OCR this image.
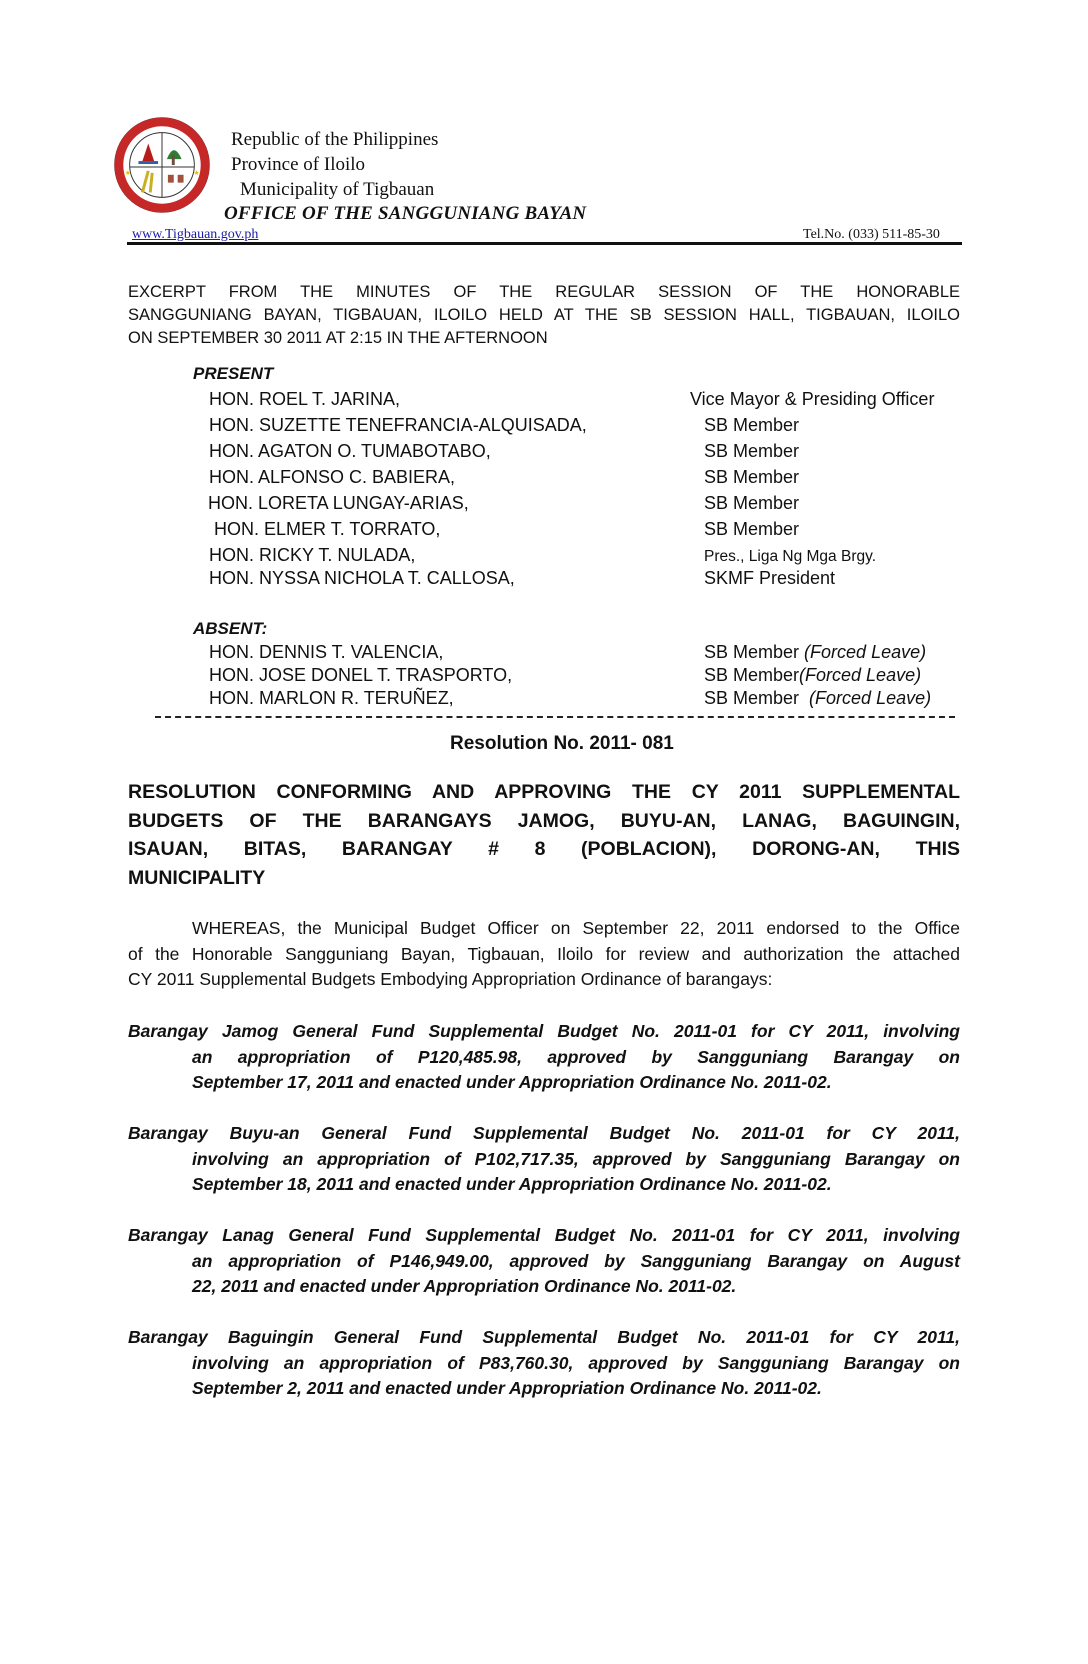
★	★
Republic of the Philippines
Province of Iloilo
Municipality of Tigbauan
OFFICE OF THE SANGGUNIANG BAYAN
www.Tigbauan.gov.ph	Tel.No. (033) 511-85-30
EXCERPT FROM THE MINUTES OF THE REGULAR SESSION OF THE HONORABLE
SANGGUNIANG BAYAN, TIGBAUAN, ILOILO HELD AT THE SB SESSION HALL, TIGBAUAN, ILOILO
ON SEPTEMBER 30 2011 AT 2:15 IN THE AFTERNOON
PRESENT
HON. ROEL T. JARINA,	Vice Mayor & Presiding Officer
HON. SUZETTE TENEFRANCIA-ALQUISADA,	SB Member
HON. AGATON O. TUMABOTABO,	SB Member
HON. ALFONSO C. BABIERA,	SB Member
HON. LORETA LUNGAY-ARIAS,	SB Member
HON. ELMER T. TORRATO,	SB Member
HON. RICKY T. NULADA,	Pres., Liga Ng Mga Brgy.
HON. NYSSA NICHOLA T. CALLOSA,	SKMF President
ABSENT:
HON. DENNIS T. VALENCIA,	SB Member (Forced Leave)
HON. JOSE DONEL T. TRASPORTO,	SB Member(Forced Leave)
HON. MARLON R. TERUÑEZ,	SB Member (Forced Leave)
Resolution No. 2011- 081
RESOLUTION CONFORMING AND APPROVING THE CY 2011 SUPPLEMENTAL
BUDGETS OF THE BARANGAYS JAMOG, BUYU-AN, LANAG, BAGUINGIN,
ISAUAN, BITAS, BARANGAY # 8 (POBLACION), DORONG-AN, THIS
MUNICIPALITY
WHEREAS, the Municipal Budget Officer on September 22, 2011 endorsed to the Office
of the Honorable Sangguniang Bayan, Tigbauan, Iloilo for review and authorization the attached
CY 2011 Supplemental Budgets Embodying Appropriation Ordinance of barangays:
Barangay Jamog General Fund Supplemental Budget No. 2011-01 for CY 2011, involving
an appropriation of P120,485.98, approved by Sangguniang Barangay on
September 17, 2011 and enacted under Appropriation Ordinance No. 2011-02.
Barangay Buyu-an General Fund Supplemental Budget No. 2011-01 for CY 2011,
involving an appropriation of P102,717.35, approved by Sangguniang Barangay on
September 18, 2011 and enacted under Appropriation Ordinance No. 2011-02.
Barangay Lanag General Fund Supplemental Budget No. 2011-01 for CY 2011, involving
an appropriation of P146,949.00, approved by Sangguniang Barangay on August
22, 2011 and enacted under Appropriation Ordinance No. 2011-02.
Barangay Baguingin General Fund Supplemental Budget No. 2011-01 for CY 2011,
involving an appropriation of P83,760.30, approved by Sangguniang Barangay on
September 2, 2011 and enacted under Appropriation Ordinance No. 2011-02.
